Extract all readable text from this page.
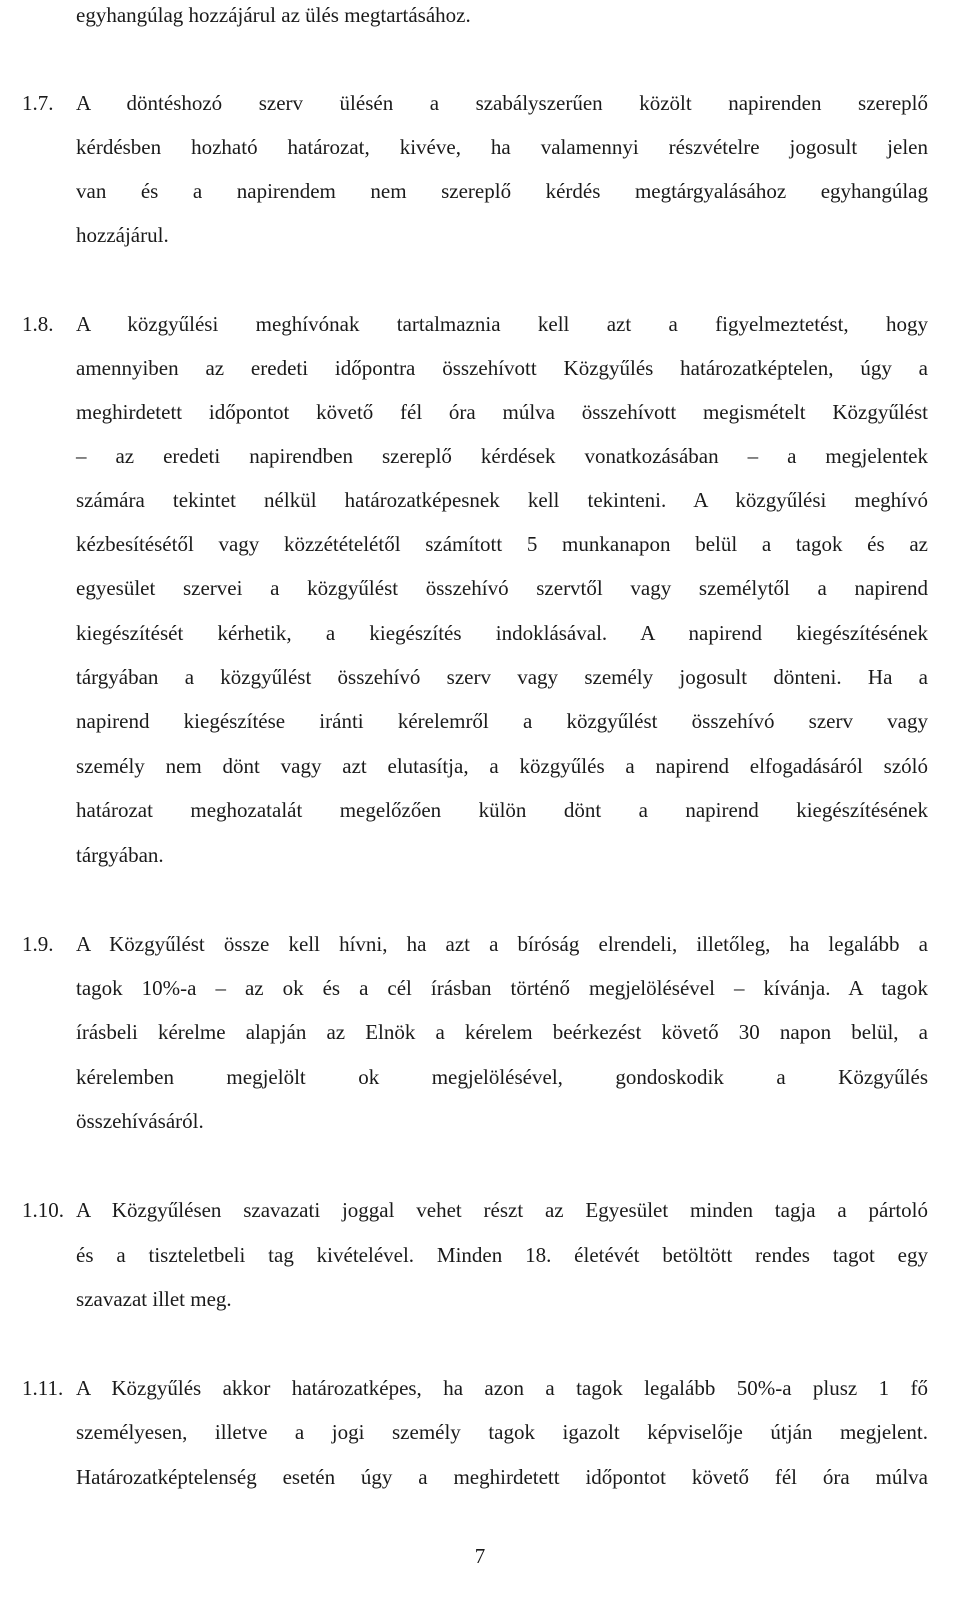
egyhangúlag hozzájárul az ülés megtartásához.
1.7. A döntéshozó szerv ülésén a szabályszerűen közölt napirenden szereplő
kérdésben hozható határozat, kivéve, ha valamennyi részvételre jogosult jelen
van és a napirendem nem szereplő kérdés megtárgyalásához egyhangúlag
hozzájárul.
1.8. A közgyűlési meghívónak tartalmaznia kell azt a figyelmeztetést, hogy
amennyiben az eredeti időpontra összehívott Közgyűlés határozatképtelen, úgy a
meghirdetett időpontot követő fél óra múlva összehívott megismételt Közgyűlést
– az eredeti napirendben szereplő kérdések vonatkozásában – a megjelentek
számára tekintet nélkül határozatképesnek kell tekinteni. A közgyűlési meghívó
kézbesítésétől vagy közzétételétől számított 5 munkanapon belül a tagok és az
egyesület szervei a közgyűlést összehívó szervtől vagy személytől a napirend
kiegészítését kérhetik, a kiegészítés indoklásával. A napirend kiegészítésének
tárgyában a közgyűlést összehívó szerv vagy személy jogosult dönteni. Ha a
napirend kiegészítése iránti kérelemről a közgyűlést összehívó szerv vagy
személy nem dönt vagy azt elutasítja, a közgyűlés a napirend elfogadásáról szóló
határozat meghozatalát megelőzően külön dönt a napirend kiegészítésének
tárgyában.
1.9. A Közgyűlést össze kell hívni, ha azt a bíróság elrendeli, illetőleg, ha legalább a
tagok 10%-a – az ok és a cél írásban történő megjelölésével – kívánja. A tagok
írásbeli kérelme alapján az Elnök a kérelem beérkezést követő 30 napon belül, a
kérelemben megjelölt ok megjelölésével, gondoskodik a Közgyűlés
összehívásáról.
1.10. A Közgyűlésen szavazati joggal vehet részt az Egyesület minden tagja a pártoló
és a tiszteletbeli tag kivételével. Minden 18. életévét betöltött rendes tagot egy
szavazat illet meg.
1.11. A Közgyűlés akkor határozatképes, ha azon a tagok legalább 50%-a plusz 1 fő
személyesen, illetve a jogi személy tagok igazolt képviselője útján megjelent.
Határozatképtelenség esetén úgy a meghirdetett időpontot követő fél óra múlva
7
